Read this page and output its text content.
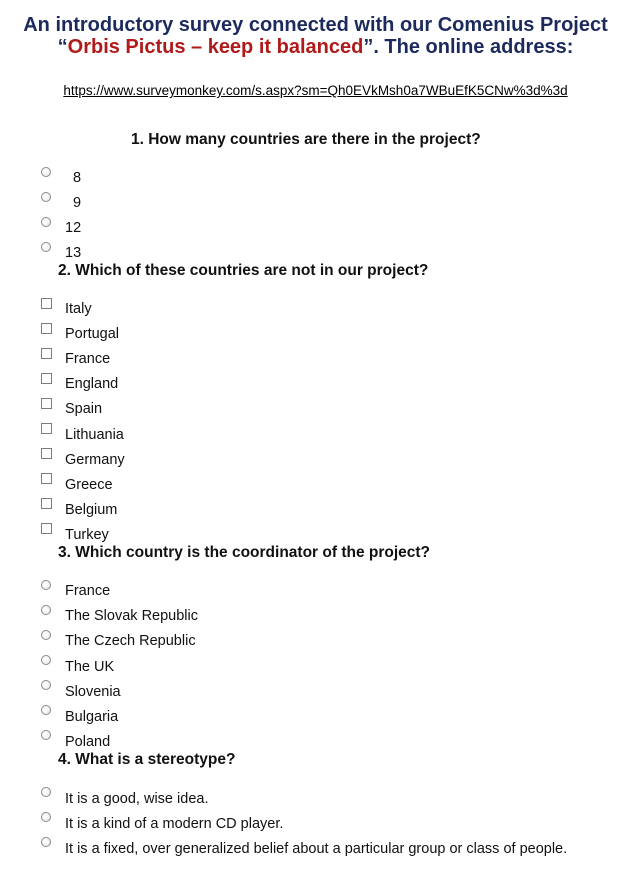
An introductory survey connected with our Comenius Project “Orbis Pictus – keep it balanced”. The online address:
https://www.surveymonkey.com/s.aspx?sm=Qh0EVkMsh0a7WBuEfK5CNw%3d%3d
1. How many countries are there in the project?
8
9
12
13
2. Which of these countries are not in our project?
Italy
Portugal
France
England
Spain
Lithuania
Germany
Greece
Belgium
Turkey
3. Which country is the coordinator of the project?
France
The Slovak Republic
The Czech Republic
The UK
Slovenia
Bulgaria
Poland
4. What is a stereotype?
It is a good, wise idea.
It is a kind of a modern CD player.
It is a fixed, over generalized belief about a particular group or class of people.
